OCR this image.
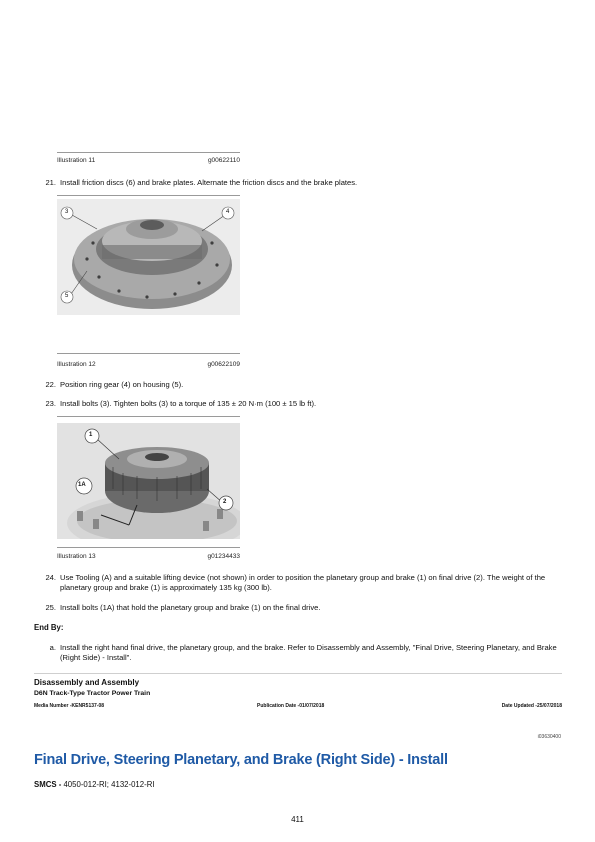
Illustration 11	g00622110
21. Install friction discs (6) and brake plates. Alternate the friction discs and the brake plates.
3	4
5
Illustration 12	g00622109
22. Position ring gear (4) on housing (5).
23. Install bolts (3). Tighten bolts (3) to a torque of 135 ± 20 N·m (100 ± 15 lb ft).
1
1A
2
Illustration 13	g01234433
24. Use Tooling (A) and a suitable lifting device (not shown) in order to position the planetary group and brake (1) on final drive (2). The weight of the planetary group and brake (1) is approximately 135 kg (300 lb).
25. Install bolts (1A) that hold the planetary group and brake (1) on the final drive.
End By:
a. Install the right hand final drive, the planetary group, and the brake. Refer to Disassembly and Assembly, "Final Drive, Steering Planetary, and Brake (Right Side) - Install".
Disassembly and Assembly
D6N Track-Type Tractor Power Train
Media Number -KENR5137-08	Publication Date -01/07/2018	Date Updated -25/07/2018
i03630400
Final Drive, Steering Planetary, and Brake (Right Side) - Install
SMCS - 4050-012-RI; 4132-012-RI
411
